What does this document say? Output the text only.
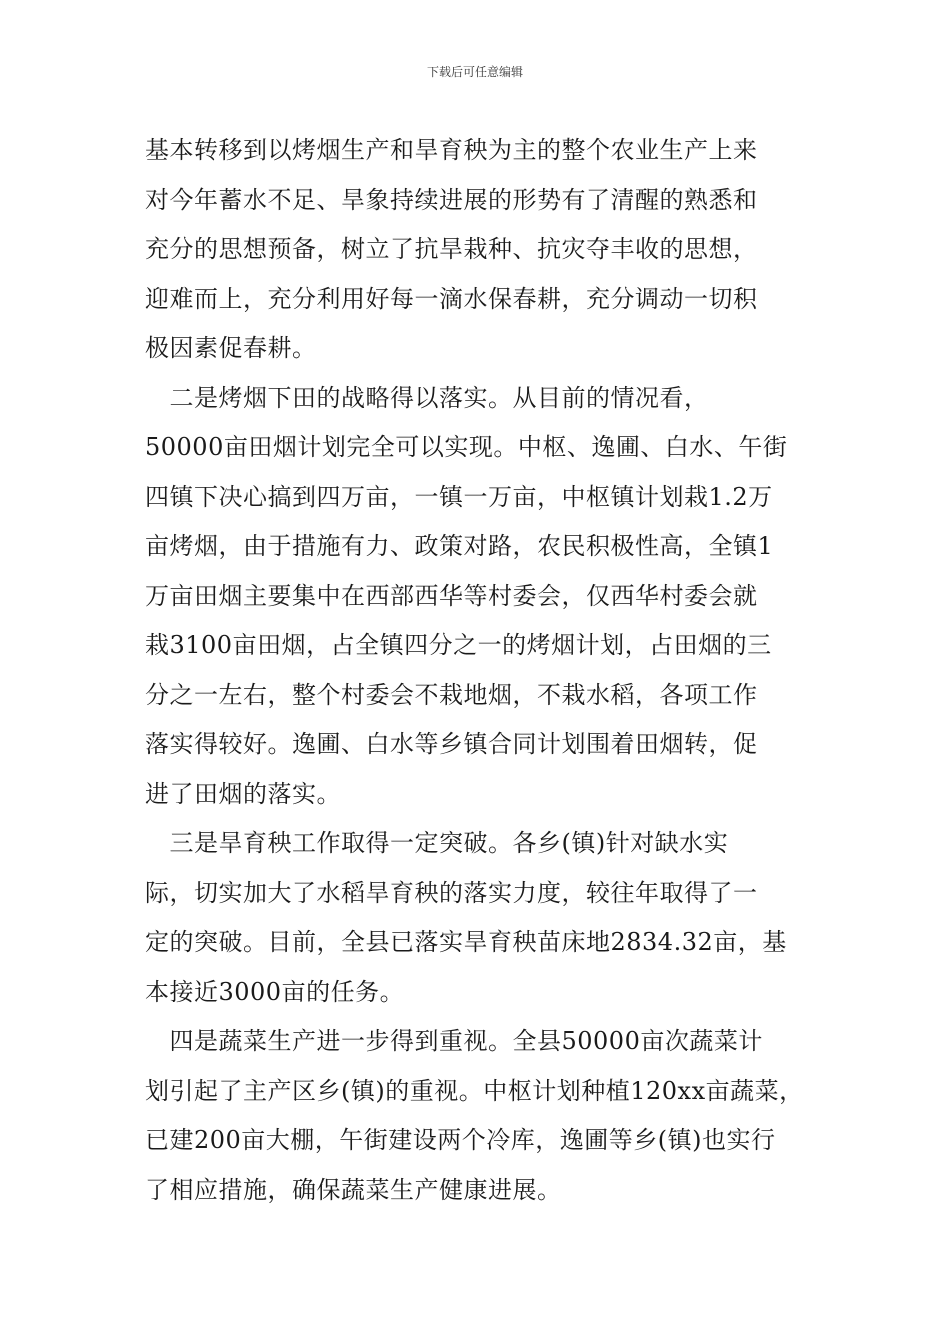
下载后可任意编辑

基本转移到以烤烟生产和旱育秧为主的整个农业生产上来
对今年蓄水不足、旱象持续进展的形势有了清醒的熟悉和
充分的思想预备，树立了抗旱栽种、抗灾夺丰收的思想，
迎难而上，充分利用好每一滴水保春耕，充分调动一切积
极因素促春耕。

　二是烤烟下田的战略得以落实。从目前的情况看，
50000亩田烟计划完全可以实现。中枢、逸圃、白水、午街
四镇下决心搞到四万亩，一镇一万亩，中枢镇计划栽1.2万
亩烤烟，由于措施有力、政策对路，农民积极性高，全镇1
万亩田烟主要集中在西部西华等村委会，仅西华村委会就
栽3100亩田烟，占全镇四分之一的烤烟计划，占田烟的三
分之一左右，整个村委会不栽地烟，不栽水稻，各项工作
落实得较好。逸圃、白水等乡镇合同计划围着田烟转，促
进了田烟的落实。

　三是旱育秧工作取得一定突破。各乡(镇)针对缺水实
际，切实加大了水稻旱育秧的落实力度，较往年取得了一
定的突破。目前，全县已落实旱育秧苗床地2834.32亩，基
本接近3000亩的任务。

　四是蔬菜生产进一步得到重视。全县50000亩次蔬菜计
划引起了主产区乡(镇)的重视。中枢计划种植120xx亩蔬菜，
已建200亩大棚，午街建设两个冷库，逸圃等乡(镇)也实行
了相应措施，确保蔬菜生产健康进展。
